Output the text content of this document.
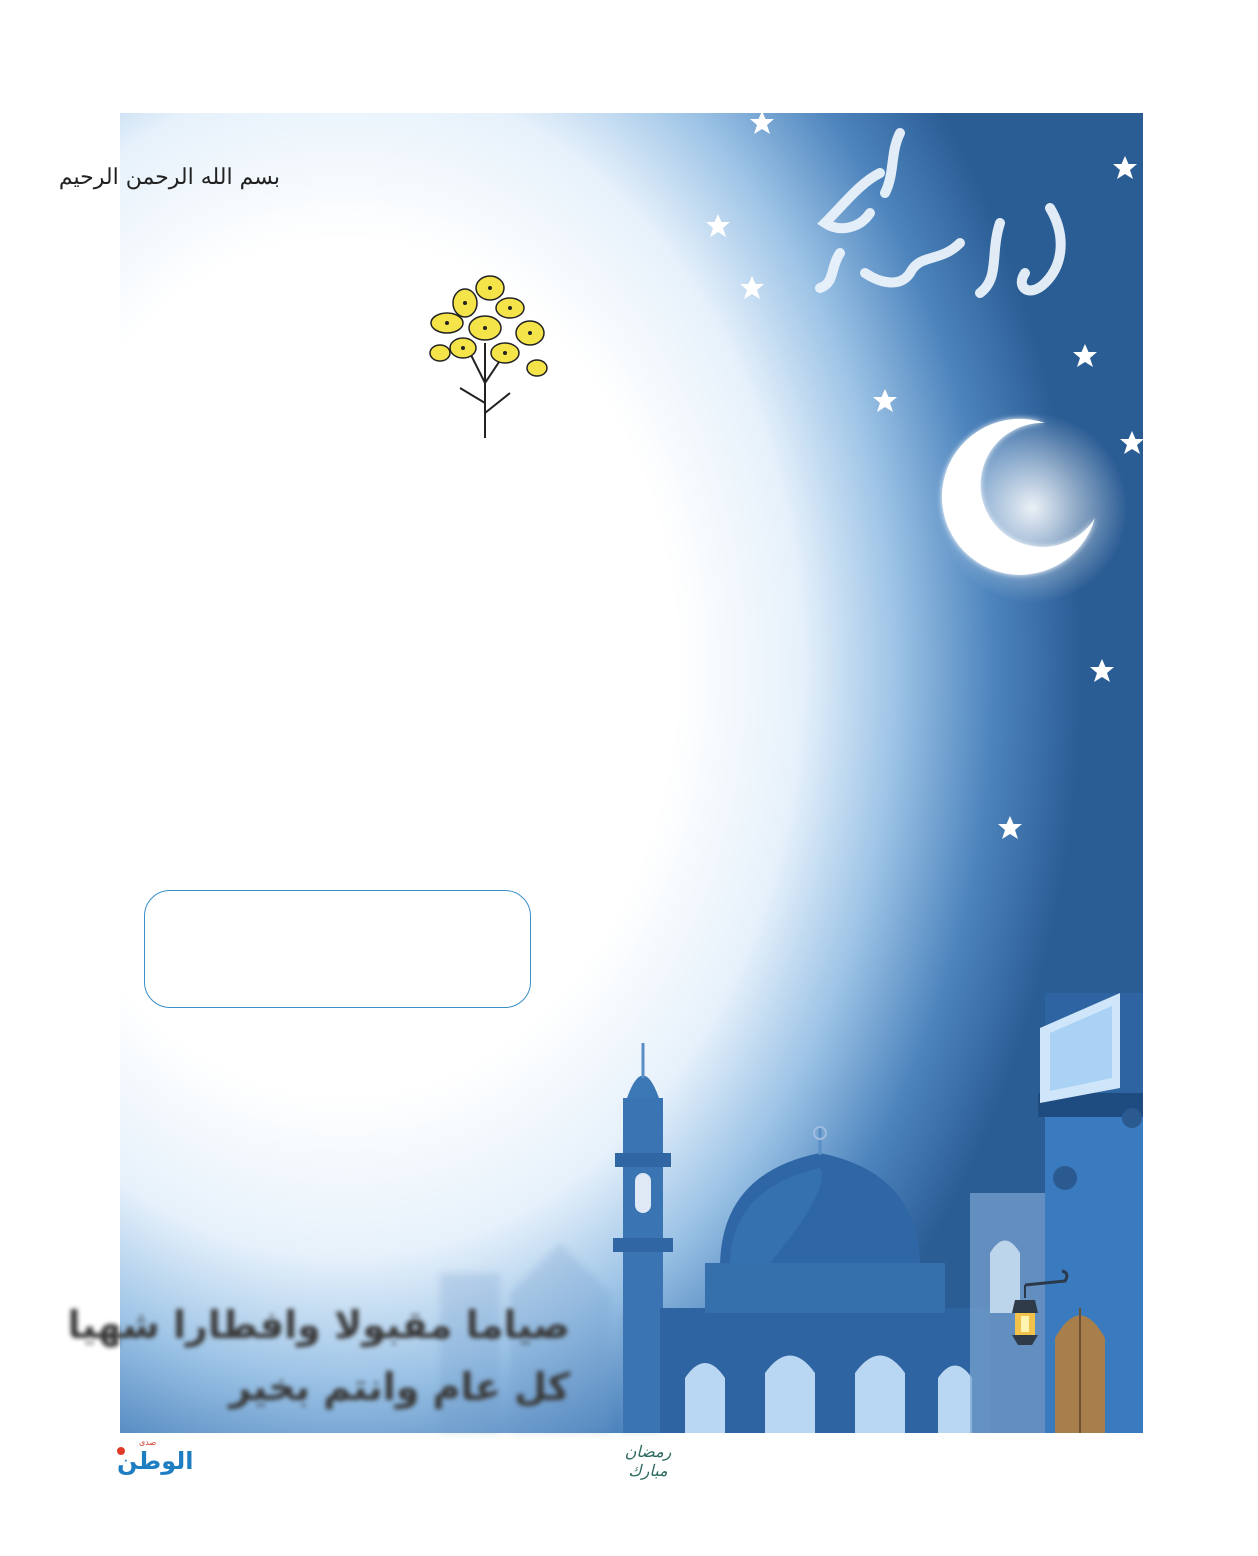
بسم الله الرحمن الرحيم
صياما مقبولا وافطارا شهيا
كل عام وانتم بخير
صدى
الوطن	رمضان مبارك
